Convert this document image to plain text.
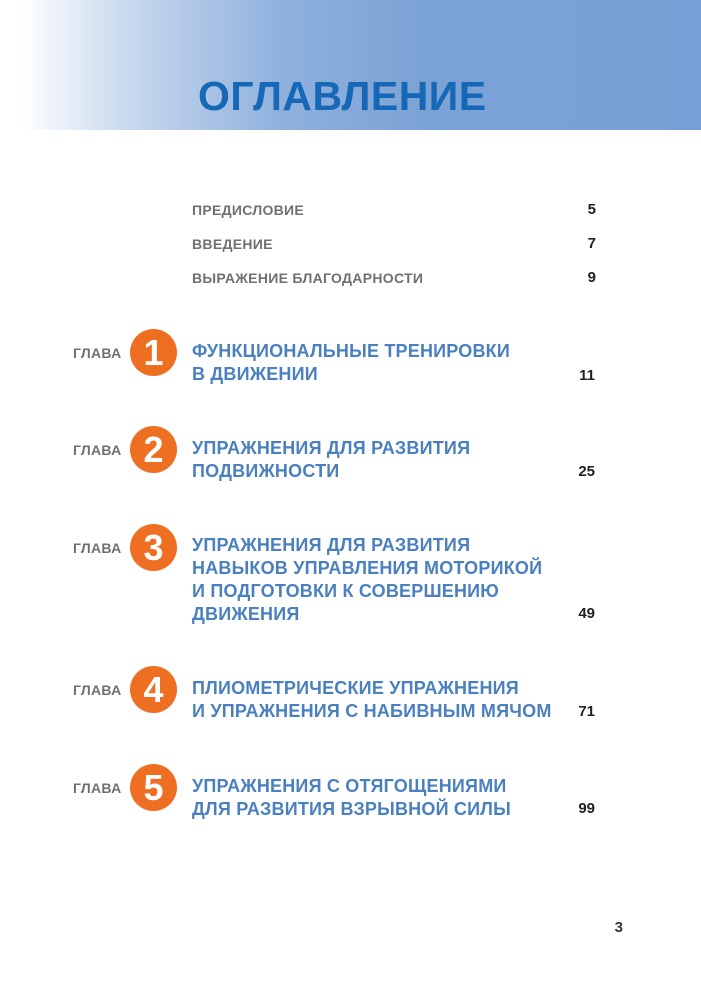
ОГЛАВЛЕНИЕ
ПРЕДИСЛОВИЕ	5
ВВЕДЕНИЕ	7
ВЫРАЖЕНИЕ БЛАГОДАРНОСТИ	9
ГЛАВА 1	ФУНКЦИОНАЛЬНЫЕ ТРЕНИРОВКИ
В ДВИЖЕНИИ	11
ГЛАВА 2	УПРАЖНЕНИЯ ДЛЯ РАЗВИТИЯ
ПОДВИЖНОСТИ	25
ГЛАВА 3	УПРАЖНЕНИЯ ДЛЯ РАЗВИТИЯ
НАВЫКОВ УПРАВЛЕНИЯ МОТОРИКОЙ
И ПОДГОТОВКИ К СОВЕРШЕНИЮ
ДВИЖЕНИЯ	49
ГЛАВА 4	ПЛИОМЕТРИЧЕСКИЕ УПРАЖНЕНИЯ
И УПРАЖНЕНИЯ С НАБИВНЫМ МЯЧОМ	71
ГЛАВА 5	УПРАЖНЕНИЯ С ОТЯГОЩЕНИЯМИ
ДЛЯ РАЗВИТИЯ ВЗРЫВНОЙ СИЛЫ	99
3
